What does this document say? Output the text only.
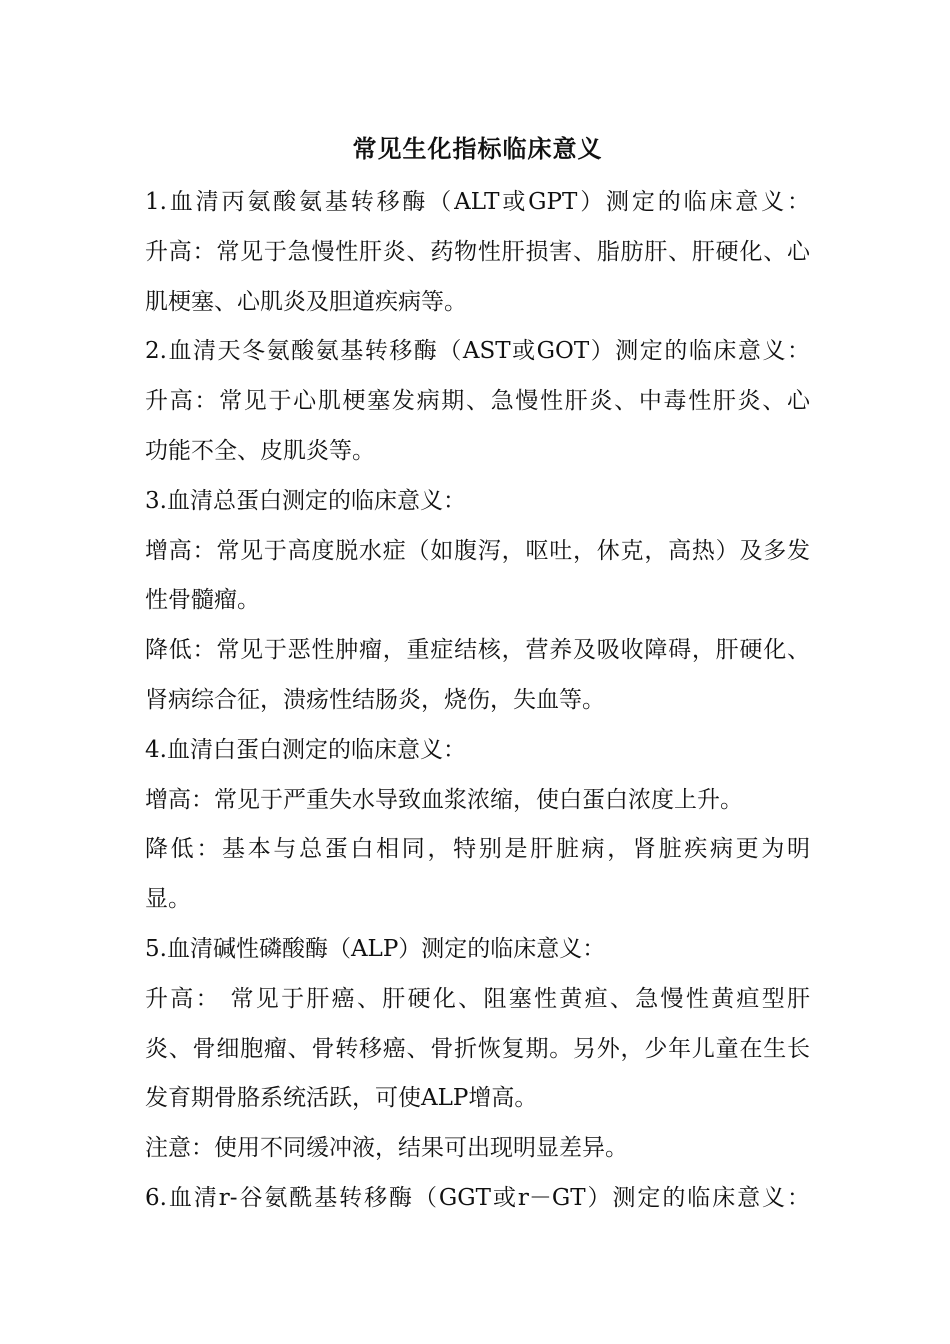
常见生化指标临床意义
1.血清丙氨酸氨基转移酶（ALT或GPT）测定的临床意义：
升高：常见于急慢性肝炎、药物性肝损害、脂肪肝、肝硬化、心
肌梗塞、心肌炎及胆道疾病等。
2.血清天冬氨酸氨基转移酶（AST或GOT）测定的临床意义：
升高：常见于心肌梗塞发病期、急慢性肝炎、中毒性肝炎、心
功能不全、皮肌炎等。
3.血清总蛋白测定的临床意义：
增高：常见于高度脱水症（如腹泻，呕吐，休克，高热）及多发
性骨髓瘤。
降低：常见于恶性肿瘤，重症结核，营养及吸收障碍，肝硬化、
肾病综合征，溃疡性结肠炎，烧伤，失血等。
4.血清白蛋白测定的临床意义：
增高：常见于严重失水导致血浆浓缩，使白蛋白浓度上升。
降低：基本与总蛋白相同，特别是肝脏病，肾脏疾病更为明
显。
5.血清碱性磷酸酶（ALP）测定的临床意义：
升高： 常见于肝癌、肝硬化、阻塞性黄疸、急慢性黄疸型肝
炎、骨细胞瘤、骨转移癌、骨折恢复期。另外，少年儿童在生长
发育期骨胳系统活跃，可使ALP增高。
注意：使用不同缓冲液，结果可出现明显差异。
6.血清r-谷氨酰基转移酶（GGT或r－GT）测定的临床意义：
